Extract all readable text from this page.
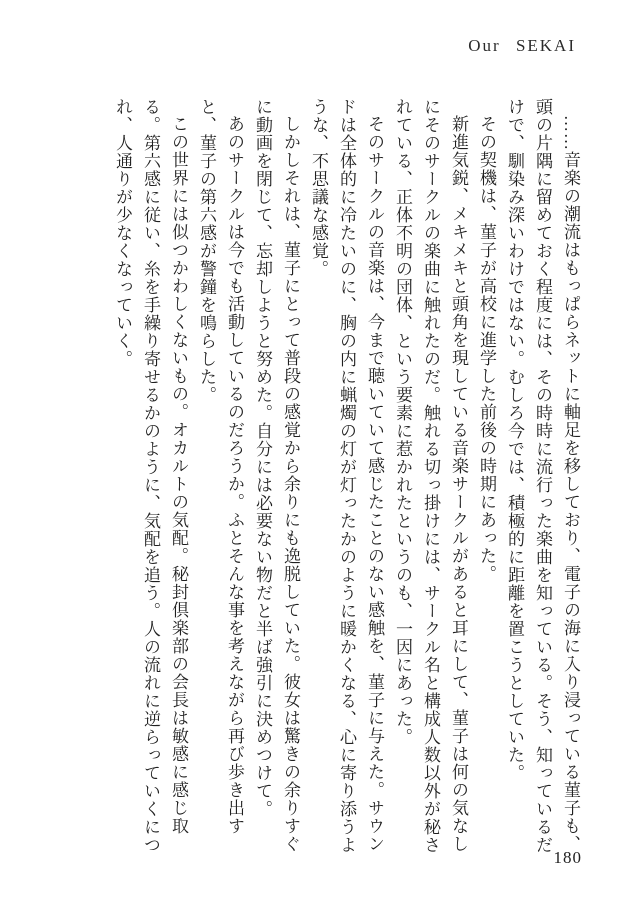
Our SEKAI

……音楽の潮流はもっぱらネットに軸足を移しており、電子の海に入り浸っている菫子も、頭の片隅に留めておく程度には、その時時に流行った楽曲を知っている。そう、知っているだけで、馴染み深いわけではない。むしろ今では、積極的に距離を置こうとしていた。

その契機は、菫子が高校に進学した前後の時期にあった。

新進気鋭、メキメキと頭角を現している音楽サークルがあると耳にして、菫子は何の気なしにそのサークルの楽曲に触れたのだ。触れる切っ掛けには、サークル名と構成人数以外が秘されている、正体不明の団体、という要素に惹かれたというのも、一因にあった。

そのサークルの音楽は、今まで聴いていて感じたことのない感触を、菫子に与えた。サウンドは全体的に冷たいのに、胸の内に蝋燭の灯が灯ったかのように暖かくなる、心に寄り添うような、不思議な感覚。

しかしそれは、菫子にとって普段の感覚から余りにも逸脱していた。彼女は驚きの余りすぐに動画を閉じて、忘却しようと努めた。自分には必要ない物だと半ば強引に決めつけて。

あのサークルは今でも活動しているのだろうか。ふとそんな事を考えながら再び歩き出すと、菫子の第六感が警鐘を鳴らした。

この世界には似つかわしくないもの。オカルトの気配。秘封倶楽部の会長は敏感に感じ取る。第六感に従い、糸を手繰り寄せるかのように、気配を追う。人の流れに逆らっていくにつれ、人通りが少なくなっていく。

180
